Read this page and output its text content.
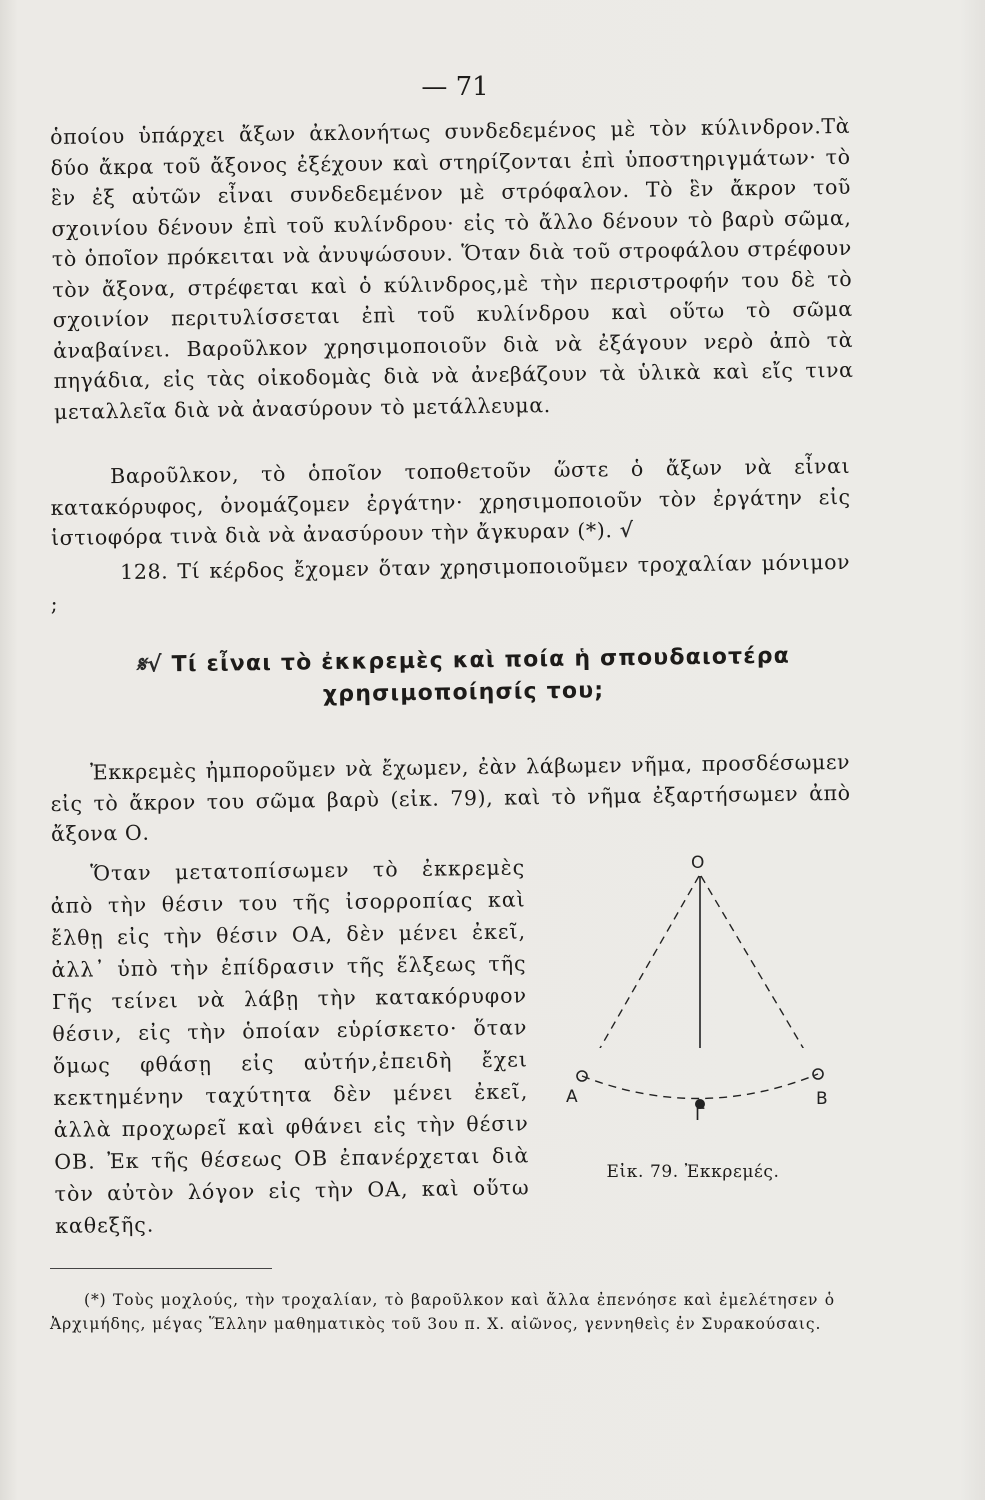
— 71
ὁποίου ὑπάρχει ἄξων ἀκλονήτως συνδεδεμένος μὲ τὸν κύλινδρον.Τὰ δύο ἄκρα τοῦ ἄξονος ἐξέχουν καὶ στηρίζονται ἐπὶ ὑποστηριγμάτων· τὸ ἓν ἐξ αὐτῶν εἶναι συνδεδεμένον μὲ στρόφαλον. Τὸ ἓν ἄκρον τοῦ σχοινίου δένουν ἐπὶ τοῦ κυλίνδρου· εἰς τὸ ἄλλο δένουν τὸ βαρὺ σῶμα, τὸ ὁποῖον πρόκειται νὰ ἀνυψώσουν. Ὅταν διὰ τοῦ στροφάλου στρέφουν τὸν ἄξονα, στρέφεται καὶ ὁ κύλινδρος,μὲ τὴν περιστροφήν του δὲ τὸ σχοινίον περιτυλίσσεται ἐπὶ τοῦ κυλίνδρου καὶ οὕτω τὸ σῶμα ἀναβαίνει. Βαροῦλκον χρησιμοποιοῦν διὰ νὰ ἐξάγουν νερὸ ἀπὸ τὰ πηγάδια, εἰς τὰς οἰκοδομὰς διὰ νὰ ἀνεβάζουν τὰ ὑλικὰ καὶ εἴς τινα μεταλλεῖα διὰ νὰ ἀνασύρουν τὸ μετάλλευμα.
Βαροῦλκον, τὸ ὁποῖον τοποθετοῦν ὥστε ὁ ἄξων νὰ εἶναι κατακόρυφος, ὀνομάζομεν ἐργάτην· χρησιμοποιοῦν τὸν ἐργάτην εἰς ἱστιοφόρα τινὰ διὰ νὰ ἀνασύρουν τὴν ἄγκυραν (*). √
128. Τί κέρδος ἔχομεν ὅταν χρησιμοποιοῦμεν τροχαλίαν μόνιμον ;
𝄋√ Τί εἶναι τὸ ἐκκρεμὲς καὶ ποία ἡ σπουδαιοτέρα χρησιμοποίησίς του;
Ἐκκρεμὲς ἠμποροῦμεν νὰ ἔχωμεν, ἐὰν λάβωμεν νῆμα, προσδέσωμεν εἰς τὸ ἄκρον του σῶμα βαρὺ (εἰκ. 79), καὶ τὸ νῆμα ἐξαρτήσωμεν ἀπὸ ἄξονα Ο.
Ὅταν μετατοπίσωμεν τὸ ἐκκρεμὲς ἀπὸ τὴν θέσιν του τῆς ἰσορροπίας καὶ ἔλθῃ εἰς τὴν θέσιν ΟΑ, δὲν μένει ἐκεῖ, ἀλλ᾽ ὑπὸ τὴν ἐπίδρασιν τῆς ἕλξεως τῆς Γῆς τείνει νὰ λάβῃ τὴν κατακόρυφον θέσιν, εἰς τὴν ὁποίαν εὑρίσκετο· ὅταν ὅμως φθάσῃ εἰς αὐτήν,ἐπειδὴ ἔχει κεκτημένην ταχύτητα δὲν μένει ἐκεῖ, ἀλλὰ προχωρεῖ καὶ φθάνει εἰς τὴν θέσιν ΟΒ. Ἐκ τῆς θέσεως ΟΒ ἐπανέρχεται διὰ τὸν αὐτὸν λόγον εἰς τὴν ΟΑ, καὶ οὕτω καθεξῆς.
Ο
Α	Β
Γ
Εἰκ. 79. Ἐκκρεμές.
(*) Τοὺς μοχλούς, τὴν τροχαλίαν, τὸ βαροῦλκον καὶ ἄλλα ἐπενόησε καὶ ἐμελέτησεν ὁ Ἀρχιμήδης, μέγας Ἕλλην μαθηματικὸς τοῦ 3ου π. Χ. αἰῶνος, γεννηθεὶς ἐν Συρακούσαις.
